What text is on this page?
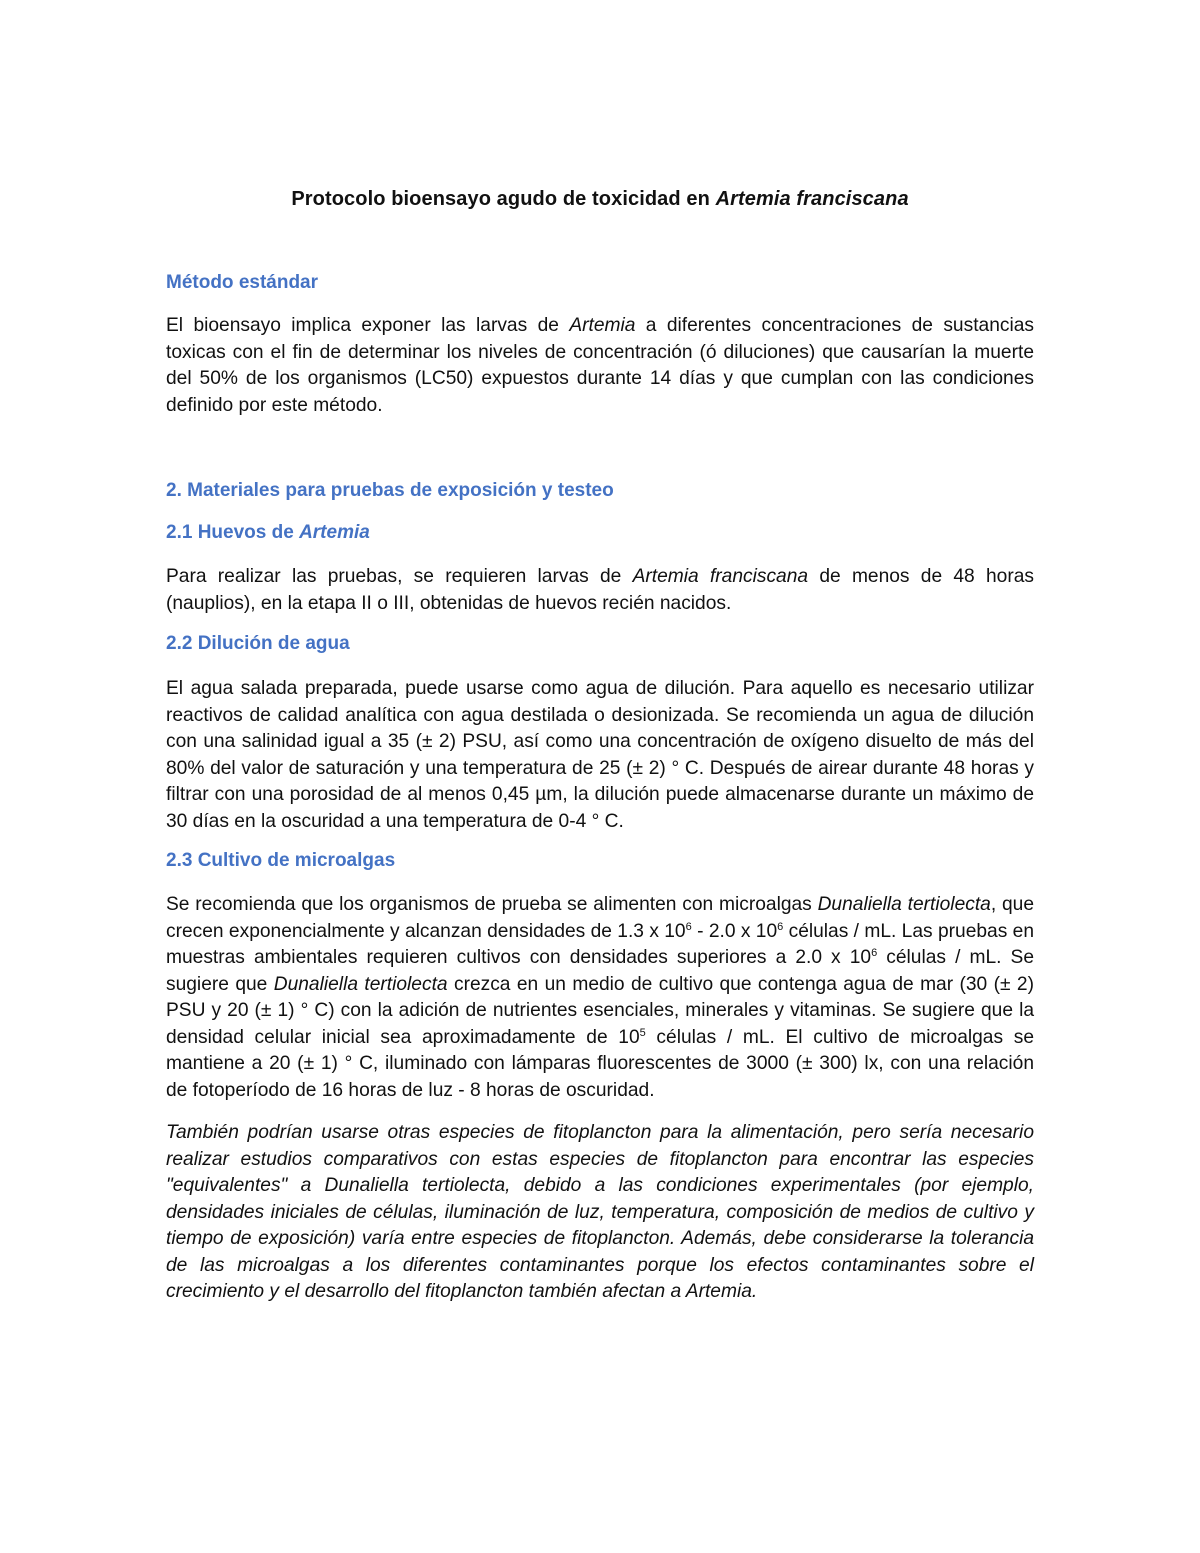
Protocolo bioensayo agudo de toxicidad en Artemia franciscana
Método estándar

El bioensayo implica exponer las larvas de Artemia a diferentes concentraciones de sustancias toxicas con el fin de determinar los niveles de concentración (ó diluciones) que causarían la muerte del 50% de los organismos (LC50) expuestos durante 14 días y que cumplan con las condiciones definido por este método.

2. Materiales para pruebas de exposición y testeo
2.1 Huevos de Artemia

Para realizar las pruebas, se requieren larvas de Artemia franciscana de menos de 48 horas (nauplios), en la etapa II o III, obtenidas de huevos recién nacidos.

2.2 Dilución de agua

El agua salada preparada, puede usarse como agua de dilución. Para aquello es necesario utilizar reactivos de calidad analítica con agua destilada o desionizada. Se recomienda un agua de dilución con una salinidad igual a 35 (± 2) PSU, así como una concentración de oxígeno disuelto de más del 80% del valor de saturación y una temperatura de 25 (± 2) ° C. Después de airear durante 48 horas y filtrar con una porosidad de al menos 0,45 µm, la dilución puede almacenarse durante un máximo de 30 días en la oscuridad a una temperatura de 0-4 ° C.

2.3 Cultivo de microalgas

Se recomienda que los organismos de prueba se alimenten con microalgas Dunaliella tertiolecta, que crecen exponencialmente y alcanzan densidades de 1.3 x $10^6 - 2.0$ x $10^6$ células / mL. Las pruebas en muestras ambientales requieren cultivos con densidades superiores a 2.0 x $10^6$ células / mL. Se sugiere que Dunaliella tertiolecta crezca en un medio de cultivo que contenga agua de mar (30 (± 2) PSU y 20 (± 1) ° C) con la adición de nutrientes esenciales, minerales y vitaminas. Se sugiere que la densidad celular inicial sea aproximadamente de $10^5$ células / mL. El cultivo de microalgas se mantiene a 20 (± 1) ° C, iluminado con lámparas fluorescentes de 3000 (± 300) lx, con una relación de fotoperíodo de 16 horas de luz - 8 horas de oscuridad.

También podrían usarse otras especies de fitoplancton para la alimentación, pero sería necesario realizar estudios comparativos con estas especies de fitoplancton para encontrar las especies "equivalentes" a Dunaliella tertiolecta, debido a las condiciones experimentales (por ejemplo, densidades iniciales de células, iluminación de luz, temperatura, composición de medios de cultivo y tiempo de exposición) varía entre especies de fitoplancton. Además, debe considerarse la tolerancia de las microalgas a los diferentes contaminantes porque los efectos contaminantes sobre el crecimiento y el desarrollo del fitoplancton también afectan a Artemia.
